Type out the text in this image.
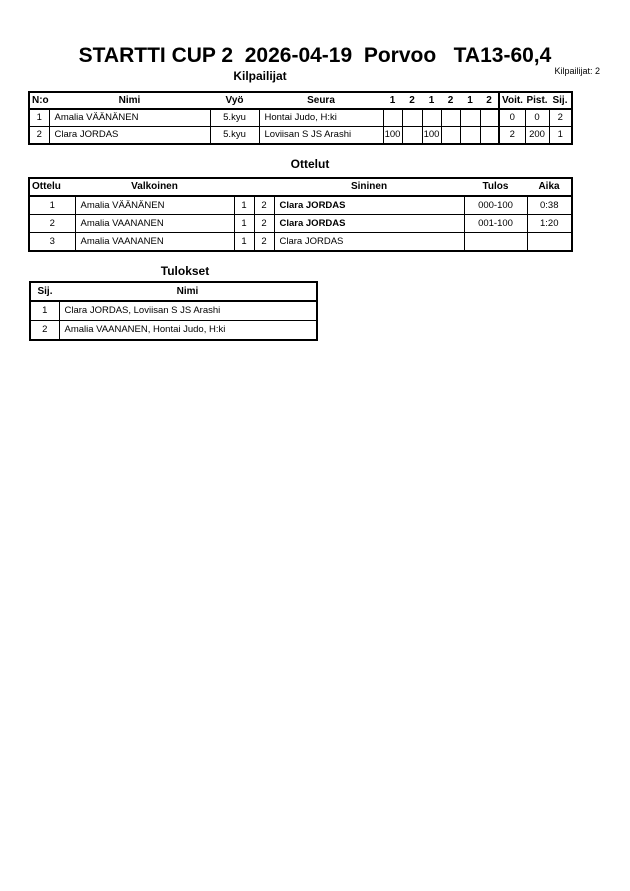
STARTTI CUP 2  2026-04-19  Porvoo   TA13-60,4
Kilpailijat: 2
Kilpailijat
N:o	Nimi	Vyö	Seura	1	2	1	2	1	2	Voit.	Pist.	Sij.
1	Amalia VÄÄNÄNEN	5.kyu	Hontai Judo, H:ki							0	0	2
2	Clara JORDAS	5.kyu	Loviisan S JS Arashi	100		100				2	200	1
Ottelut
Ottelu	Valkoinen			Sininen	Tulos	Aika
1	Amalia VÄÄNÄNEN	1	2	Clara JORDAS	000-100	0:38
2	Amalia VAANANEN	1	2	Clara JORDAS	001-100	1:20
3	Amalia VAANANEN	1	2	Clara JORDAS		
Tulokset
Sij.	Nimi
1	Clara JORDAS, Loviisan S JS Arashi
2	Amalia VAANANEN, Hontai Judo, H:ki
